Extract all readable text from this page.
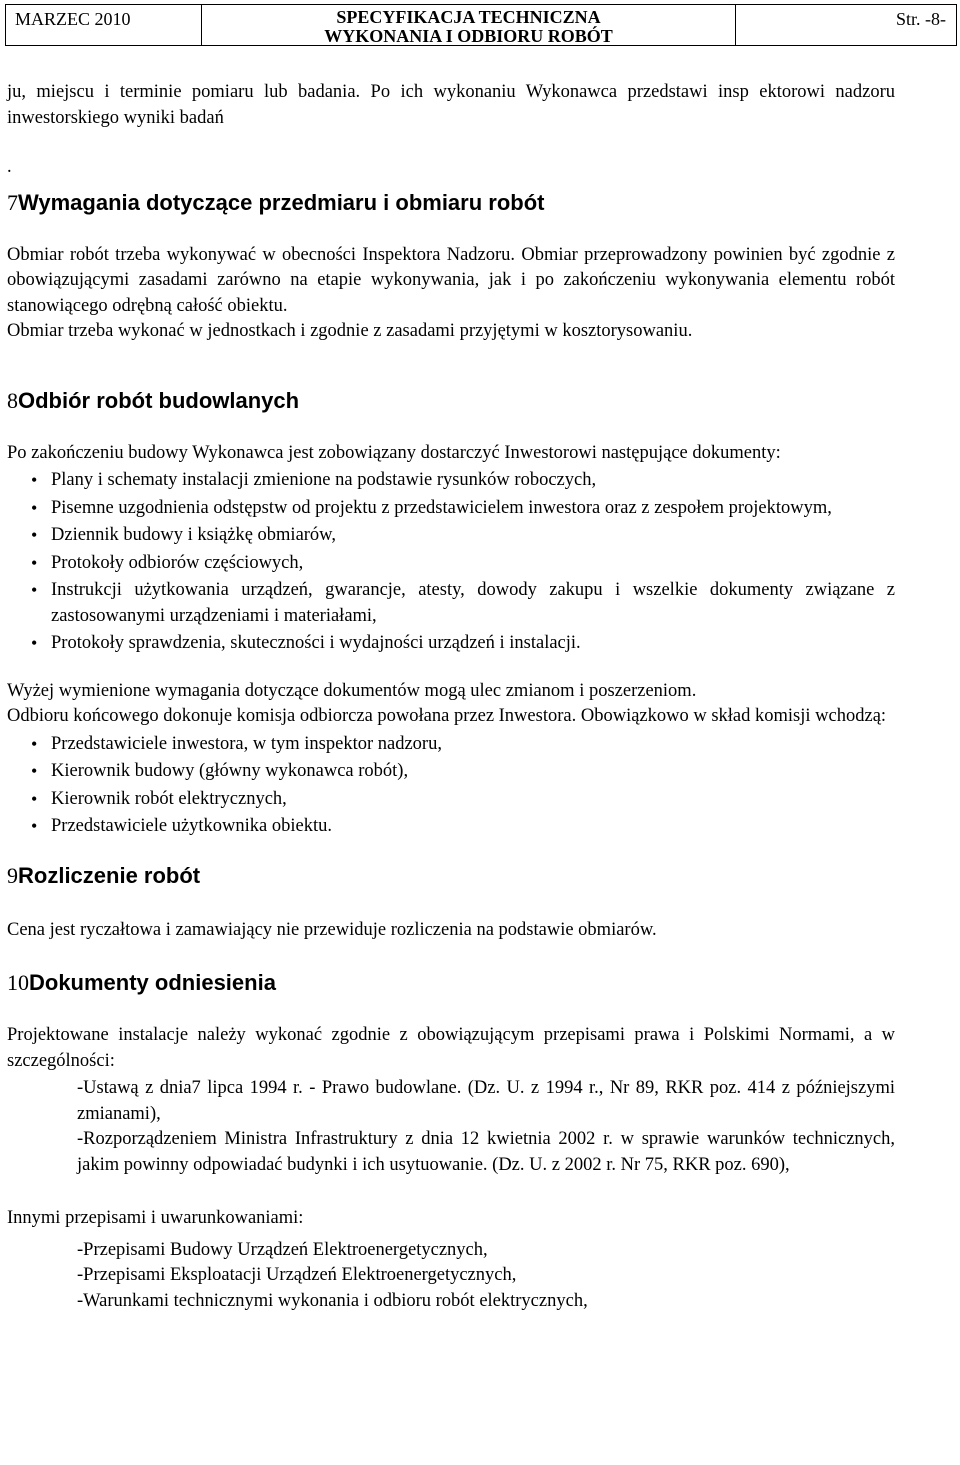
MARZEC 2010	SPECYFIKACJA TECHNICZNA
WYKONANIA I ODBIORU ROBÓT
Str. -8-

ju, miejscu i terminie pomiaru lub badania. Po ich wykonaniu Wykonawca przedstawi insp ektorowi nadzoru inwestorskiego wyniki badań

.

7Wymagania dotyczące przedmiaru i obmiaru robót

Obmiar robót trzeba wykonywać w obecności Inspektora Nadzoru. Obmiar przeprowadzony powinien być zgodnie z obowiązującymi zasadami zarówno na etapie wykonywania, jak i po zakończeniu wykonywania elementu robót stanowiącego odrębną całość obiektu.

Obmiar trzeba wykonać w jednostkach i zgodnie z zasadami przyjętymi w kosztorysowaniu.

8Odbiór robót budowlanych

Po zakończeniu budowy Wykonawca jest zobowiązany dostarczyć Inwestorowi następujące dokumenty:

• Plany i schematy instalacji zmienione na podstawie rysunków roboczych,
• Pisemne uzgodnienia odstępstw od projektu z przedstawicielem inwestora oraz z zespołem projektowym,
• Dziennik budowy i książkę obmiarów,
• Protokoły odbiorów częściowych,
• Instrukcji użytkowania urządzeń, gwarancje, atesty, dowody zakupu i wszelkie dokumenty związane z zastosowanymi urządzeniami i materiałami,
• Protokoły sprawdzenia, skuteczności i wydajności urządzeń i instalacji.

Wyżej wymienione wymagania dotyczące dokumentów mogą ulec zmianom i poszerzeniom.

Odbioru końcowego dokonuje komisja odbiorcza powołana przez Inwestora. Obowiązkowo w skład komisji wchodzą:

• Przedstawiciele inwestora, w tym inspektor nadzoru,
• Kierownik budowy (główny wykonawca robót),
• Kierownik robót elektrycznych,
• Przedstawiciele użytkownika obiektu.
9Rozliczenie robót

Cena jest ryczałtowa i zamawiający nie przewiduje rozliczenia na podstawie obmiarów.

10Dokumenty odniesienia

Projektowane instalacje należy wykonać zgodnie z obowiązującym przepisami prawa i Polskimi Normami, a w szczególności:

-Ustawą z dnia7 lipca 1994 r. - Prawo budowlane. (Dz. U. z 1994 r., Nr 89, RKR poz. 414 z późniejszymi zmianami),

-Rozporządzeniem Ministra Infrastruktury z dnia 12 kwietnia 2002 r. w sprawie warunków technicznych, jakim powinny odpowiadać budynki i ich usytuowanie. (Dz. U. z 2002 r. Nr 75, RKR poz. 690),

Innymi przepisami i uwarunkowaniami:

-Przepisami Budowy Urządzeń Elektroenergetycznych,

-Przepisami Eksploatacji Urządzeń Elektroenergetycznych,

-Warunkami technicznymi wykonania i odbioru robót elektrycznych,
